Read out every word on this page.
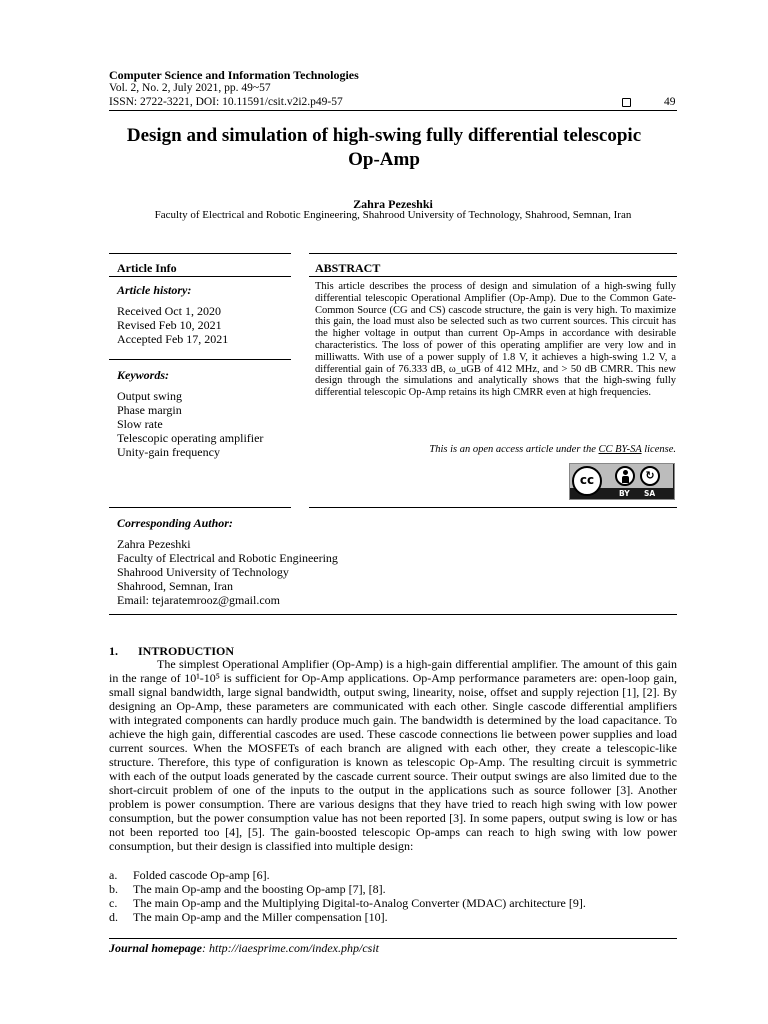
Computer Science and Information Technologies
Vol. 2, No. 2, July 2021, pp. 49~57
ISSN: 2722-3221, DOI: 10.11591/csit.v2i2.p49-57	49
Design and simulation of high-swing fully differential telescopic
Op-Amp
Zahra Pezeshki
Faculty of Electrical and Robotic Engineering, Shahrood University of Technology, Shahrood, Semnan, Iran
Article Info
Article history:
Received Oct 1, 2020
Revised Feb 10, 2021
Accepted Feb 17, 2021
Keywords:
Output swing
Phase margin
Slow rate
Telescopic operating amplifier
Unity-gain frequency
ABSTRACT
This article describes the process of design and simulation of a high-swing fully differential telescopic Operational Amplifier (Op-Amp). Due to the Common Gate-Common Source (CG and CS) cascode structure, the gain is very high. To maximize this gain, the load must also be selected such as two current sources. This circuit has the higher voltage in output than current Op-Amps in accordance with desirable characteristics. The loss of power of this operating amplifier are very low and in milliwatts. With use of a power supply of 1.8 V, it achieves a high-swing 1.2 V, a differential gain of 76.333 dB, ω_uGB of 412 MHz, and > 50 dB CMRR. This new design through the simulations and analytically shows that the high-swing fully differential telescopic Op-Amp retains its high CMRR even at high frequencies.
This is an open access article under the CC BY-SA license.
cc	↻
BY SA
Corresponding Author:
Zahra Pezeshki
Faculty of Electrical and Robotic Engineering
Shahrood University of Technology
Shahrood, Semnan, Iran
Email: tejaratemrooz@gmail.com
1. INTRODUCTION
The simplest Operational Amplifier (Op-Amp) is a high-gain differential amplifier. The amount of this gain in the range of 10¹-10⁵ is sufficient for Op-Amp applications. Op-Amp performance parameters are: open-loop gain, small signal bandwidth, large signal bandwidth, output swing, linearity, noise, offset and supply rejection [1], [2]. By designing an Op-Amp, these parameters are communicated with each other. Single cascode differential amplifiers with integrated components can hardly produce much gain. The bandwidth is determined by the load capacitance. To achieve the high gain, differential cascodes are used. These cascode connections lie between power supplies and load current sources. When the MOSFETs of each branch are aligned with each other, they create a telescopic-like structure. Therefore, this type of configuration is known as telescopic Op-Amp. The resulting circuit is symmetric with each of the output loads generated by the cascade current source. Their output swings are also limited due to the short-circuit problem of one of the inputs to the output in the applications such as source follower [3]. Another problem is power consumption. There are various designs that they have tried to reach high swing with low power consumption, but the power consumption value has not been reported [3]. In some papers, output swing is low or has not been reported too [4], [5]. The gain-boosted telescopic Op-amps can reach to high swing with low power consumption, but their design is classified into multiple design:
a. Folded cascode Op-amp [6].
b. The main Op-amp and the boosting Op-amp [7], [8].
c. The main Op-amp and the Multiplying Digital-to-Analog Converter (MDAC) architecture [9].
d. The main Op-amp and the Miller compensation [10].
Journal homepage: http://iaesprime.com/index.php/csit
